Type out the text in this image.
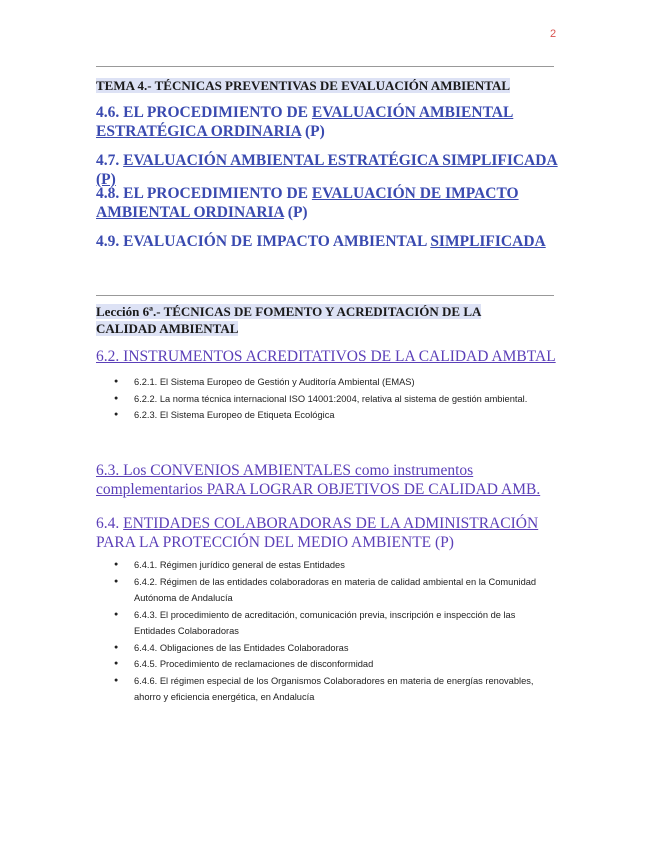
2
TEMA 4.- TÉCNICAS PREVENTIVAS DE EVALUACIÓN AMBIENTAL
4.6. EL PROCEDIMIENTO DE EVALUACIÓN AMBIENTAL ESTRATÉGICA ORDINARIA (P)
4.7. EVALUACIÓN AMBIENTAL ESTRATÉGICA SIMPLIFICADA (P)
4.8. EL PROCEDIMIENTO DE EVALUACIÓN DE IMPACTO AMBIENTAL ORDINARIA (P)
4.9. EVALUACIÓN DE IMPACTO AMBIENTAL SIMPLIFICADA
Lección 6ª.- TÉCNICAS DE FOMENTO Y ACREDITACIÓN DE LA
CALIDAD AMBIENTAL
6.2. INSTRUMENTOS ACREDITATIVOS DE LA CALIDAD AMBTAL
● 6.2.1. El Sistema Europeo de Gestión y Auditoría Ambiental (EMAS)
● 6.2.2. La norma técnica internacional ISO 14001:2004, relativa al sistema de gestión ambiental.
● 6.2.3. El Sistema Europeo de Etiqueta Ecológica
6.3. Los CONVENIOS AMBIENTALES como instrumentos complementarios PARA LOGRAR OBJETIVOS DE CALIDAD AMB.
6.4. ENTIDADES COLABORADORAS DE LA ADMINISTRACIÓN
PARA LA PROTECCIÓN DEL MEDIO AMBIENTE (P)
● 6.4.1. Régimen jurídico general de estas Entidades
● 6.4.2. Régimen de las entidades colaboradoras en materia de calidad ambiental en la Comunidad Autónoma de Andalucía
● 6.4.3. El procedimiento de acreditación, comunicación previa, inscripción e inspección de las Entidades Colaboradoras
● 6.4.4. Obligaciones de las Entidades Colaboradoras
● 6.4.5. Procedimiento de reclamaciones de disconformidad
● 6.4.6. El régimen especial de los Organismos Colaboradores en materia de energías renovables, ahorro y eficiencia energética, en Andalucía
